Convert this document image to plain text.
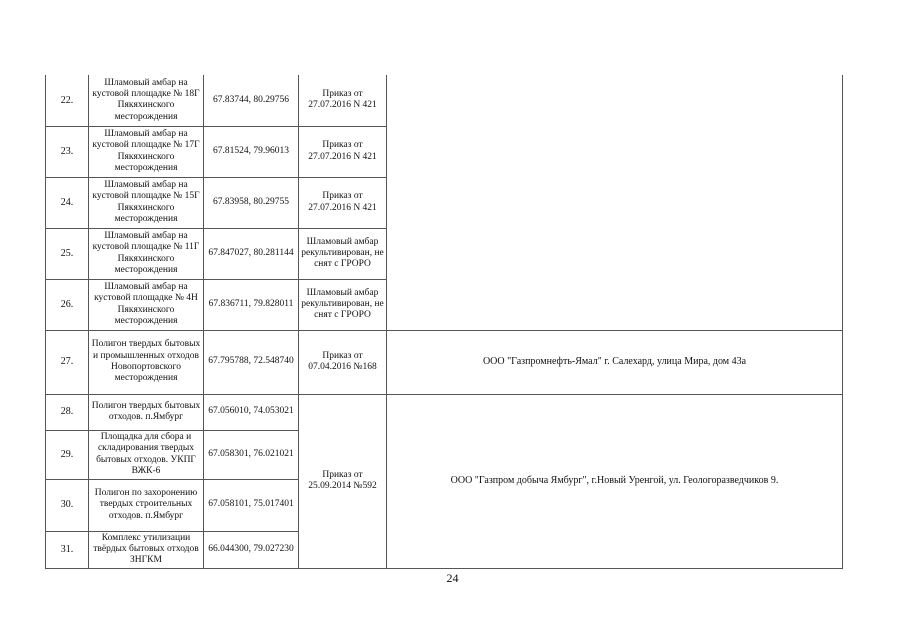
22.	Шламовый амбар на кустовой площадке № 18Г Пякяхинского месторождения	67.83744, 80.29756	Приказ от 27.07.2016 N 421	
23.	Шламовый амбар на кустовой площадке № 17Г Пякяхинского месторождения	67.81524, 79.96013	Приказ от 27.07.2016 N 421	
24.	Шламовый амбар на кустовой площадке № 15Г Пякяхинского месторождения	67.83958, 80.29755	Приказ от 27.07.2016 N 421	
25.	Шламовый амбар на кустовой площадке № 11Г Пякяхинского месторождения	67.847027, 80.281144	Шламовый амбар рекультивирован, не снят с ГРОРО	
26.	Шламовый амбар на кустовой площадке № 4Н Пякяхинского месторождения	67.836711, 79.828011	Шламовый амбар рекультивирован, не снят с ГРОРО	
27.	Полигон твердых бытовых и промышленных отходов Новопортовского месторождения	67.795788, 72.548740	Приказ от 07.04.2016 №168	ООО "Газпромнефть-Ямал" г. Салехард, улица Мира, дом 43а
28.	Полигон твердых бытовых отходов. п.Ямбург	67.056010, 74.053021	Приказ от 25.09.2014 №592	ООО "Газпром добыча Ямбург", г.Новый Уренгой, ул. Геологоразведчиков 9.
29.	Площадка для сбора и складирования твердых бытовых отходов. УКПГ ВЖК-6	67.058301, 76.021021		
30.	Полигон по захоронению твердых строительных отходов. п.Ямбург	67.058101, 75.017401		
31.	Комплекс утилизации твёрдых бытовых отходов ЗНГКМ	66.044300, 79.027230		
24
